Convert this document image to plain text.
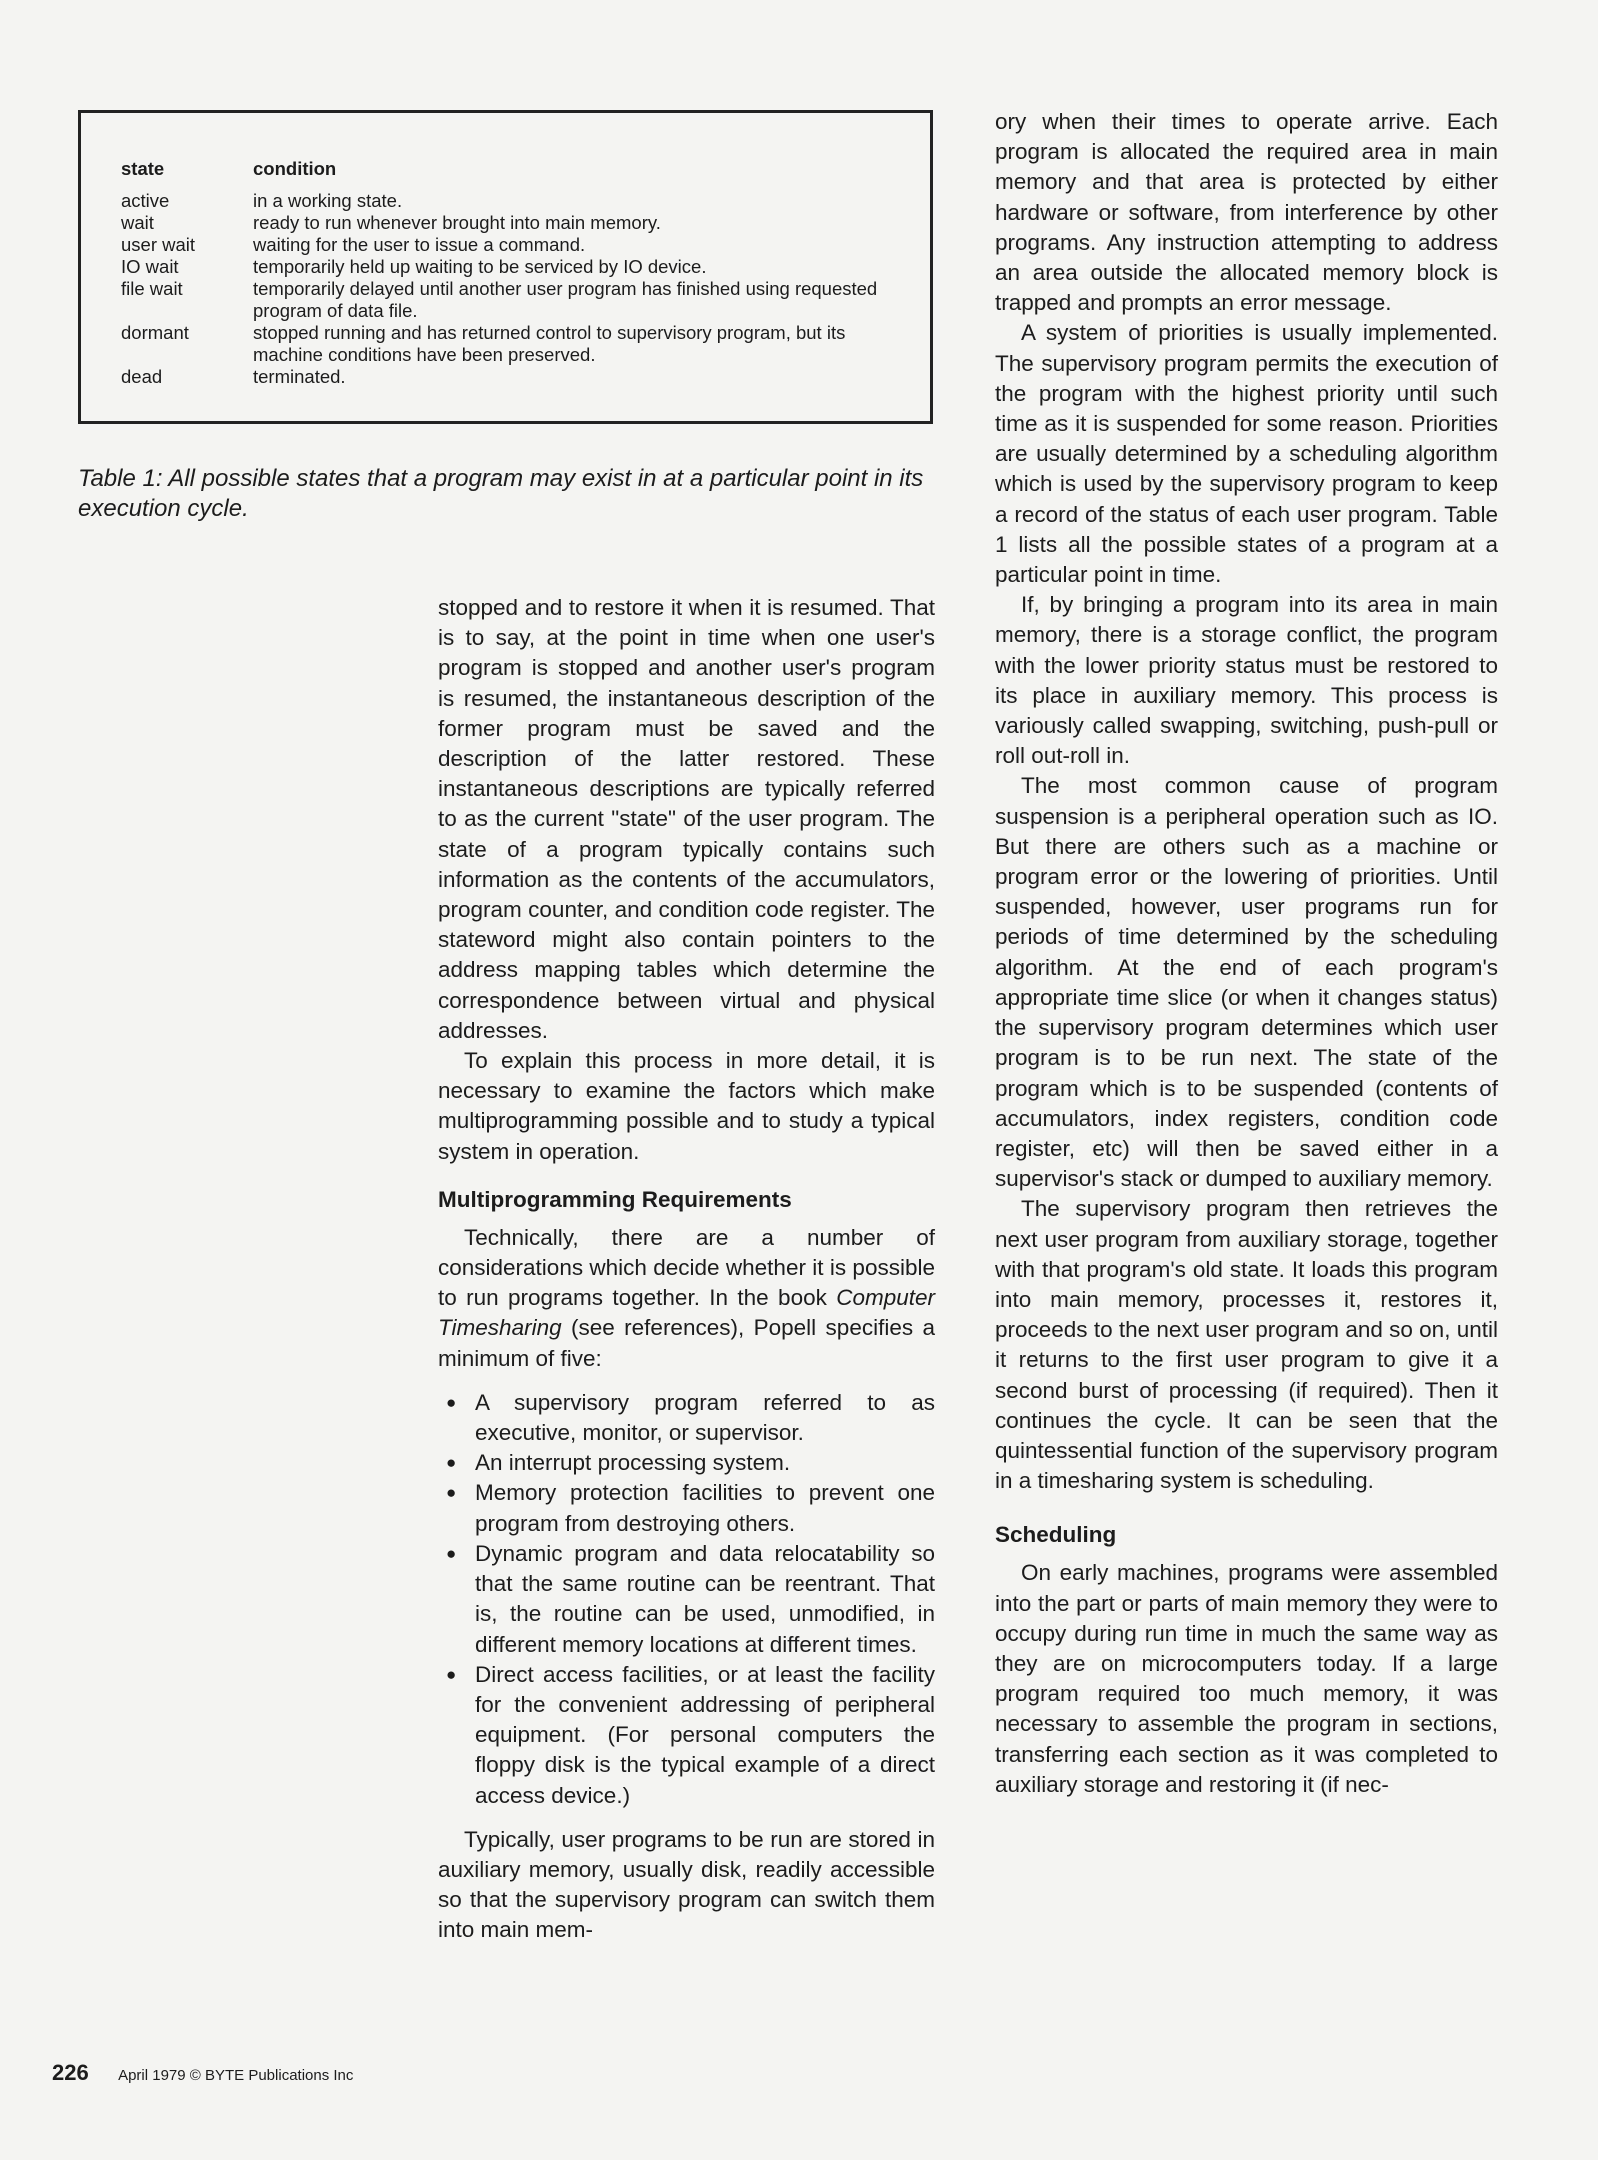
state	condition
active	in a working state.
wait	ready to run whenever brought into main memory.
user wait	waiting for the user to issue a command.
IO wait	temporarily held up waiting to be serviced by IO device.
file wait	temporarily delayed until another user program has finished using requested program of data file.
dormant	stopped running and has returned control to supervisory program, but its machine conditions have been preserved.
dead	terminated.
Table 1: All possible states that a program may exist in at a particular point in its execution cycle.

stopped and to restore it when it is resumed. That is to say, at the point in time when one user's program is stopped and another user's program is resumed, the instantaneous description of the former program must be saved and the description of the latter restored. These instantaneous descriptions are typically referred to as the current "state" of the user program. The state of a program typically contains such information as the contents of the accumulators, program counter, and condition code register. The stateword might also contain pointers to the address mapping tables which determine the correspondence between virtual and physical addresses.

To explain this process in more detail, it is necessary to examine the factors which make multiprogramming possible and to study a typical system in operation.

Multiprogramming Requirements

Technically, there are a number of considerations which decide whether it is possible to run programs together. In the book Computer Timesharing (see references), Popell specifies a minimum of five:

● A supervisory program referred to as executive, monitor, or supervisor.
● An interrupt processing system.
● Memory protection facilities to prevent one program from destroying others.
● Dynamic program and data relocatability so that the same routine can be reentrant. That is, the routine can be used, unmodified, in different memory locations at different times.
● Direct access facilities, or at least the facility for the convenient addressing of peripheral equipment. (For personal computers the floppy disk is the typical example of a direct access device.)

Typically, user programs to be run are stored in auxiliary memory, usually disk, readily accessible so that the supervisory program can switch them into main mem-

ory when their times to operate arrive. Each program is allocated the required area in main memory and that area is protected by either hardware or software, from interference by other programs. Any instruction attempting to address an area outside the allocated memory block is trapped and prompts an error message.

A system of priorities is usually implemented. The supervisory program permits the execution of the program with the highest priority until such time as it is suspended for some reason. Priorities are usually determined by a scheduling algorithm which is used by the supervisory program to keep a record of the status of each user program. Table 1 lists all the possible states of a program at a particular point in time.

If, by bringing a program into its area in main memory, there is a storage conflict, the program with the lower priority status must be restored to its place in auxiliary memory. This process is variously called swapping, switching, push-pull or roll out-roll in.

The most common cause of program suspension is a peripheral operation such as IO. But there are others such as a machine or program error or the lowering of priorities. Until suspended, however, user programs run for periods of time determined by the scheduling algorithm. At the end of each program's appropriate time slice (or when it changes status) the supervisory program determines which user program is to be run next. The state of the program which is to be suspended (contents of accumulators, index registers, condition code register, etc) will then be saved either in a supervisor's stack or dumped to auxiliary memory.

The supervisory program then retrieves the next user program from auxiliary storage, together with that program's old state. It loads this program into main memory, processes it, restores it, proceeds to the next user program and so on, until it returns to the first user program to give it a second burst of processing (if required). Then it continues the cycle. It can be seen that the quintessential function of the supervisory program in a timesharing system is scheduling.

Scheduling

On early machines, programs were assembled into the part or parts of main memory they were to occupy during run time in much the same way as they are on microcomputers today. If a large program required too much memory, it was necessary to assemble the program in sections, transferring each section as it was completed to auxiliary storage and restoring it (if nec-

226 April 1979 © BYTE Publications Inc
